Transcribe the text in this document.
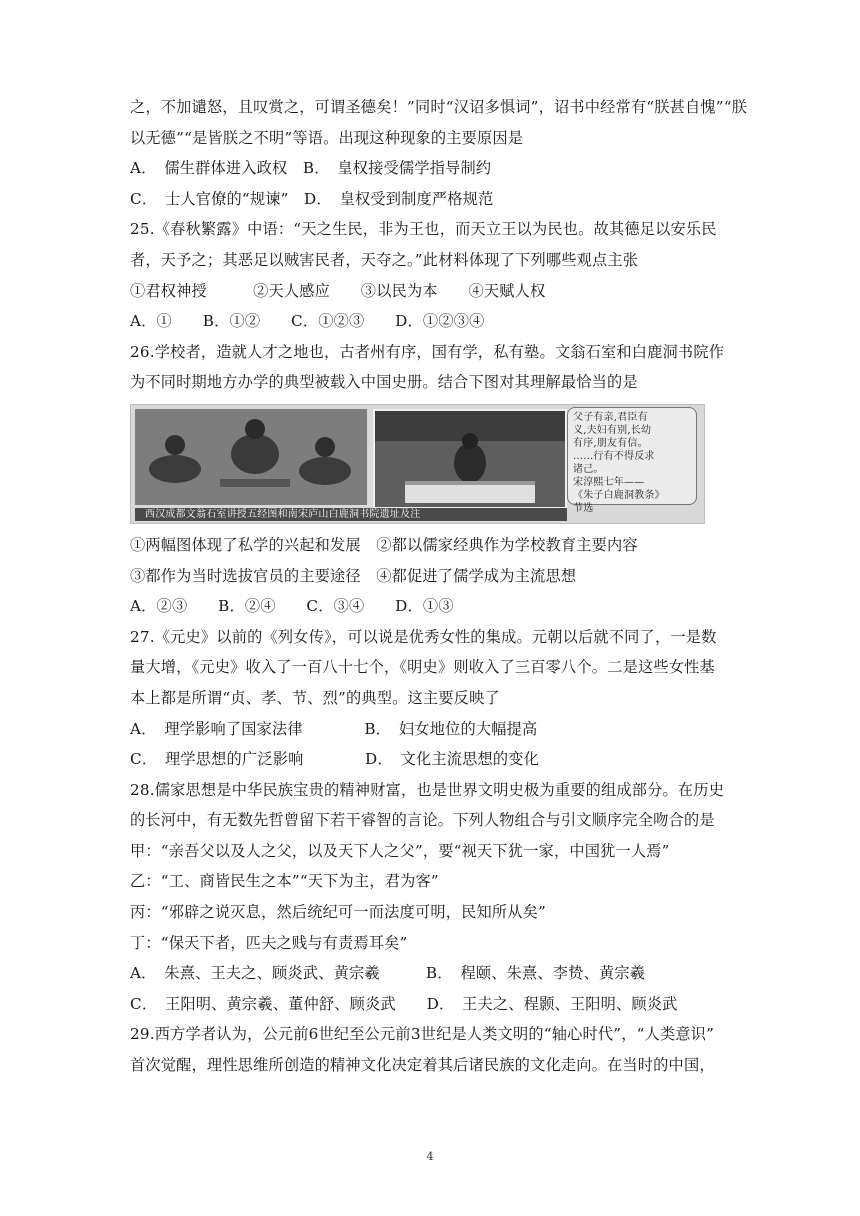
之，不加谴怒，且叹赏之，可谓圣德矣！”同时“汉诏多惧词”，诏书中经常有“朕甚自愧”“朕
以无德”“是皆朕之不明”等语。出现这种现象的主要原因是
A．　儒生群体进入政权　B．　皇权接受儒学指导制约
C．　士人官僚的“规谏”　D．　皇权受到制度严格规范
25.《春秋繁露》中语：“天之生民，非为王也，而天立王以为民也。故其德足以安乐民
者，天予之；其恶足以贼害民者，天夺之。”此材料体现了下列哪些观点主张
①君权神授　　　②天人感应　　③以民为本　　④天赋人权
A．①　　B．①②　　C．①②③　　D．①②③④
26.学校者，造就人才之地也，古者州有序，国有学，私有塾。文翁石室和白鹿洞书院作
为不同时期地方办学的典型被载入中国史册。结合下图对其理解最恰当的是
父子有亲,君臣有
义,夫妇有别,长幼
有序,朋友有信。
……行有不得反求
诸己。
宋淳熙七年——
《朱子白鹿洞教条》
节选
西汉成都文翁石室讲授五经图和南宋庐山白鹿洞书院遗址及注
①两幅图体现了私学的兴起和发展　②都以儒家经典作为学校教育主要内容
③都作为当时选拔官员的主要途径　④都促进了儒学成为主流思想
A．②③　　B．②④　　C．③④　　D．①③
27.《元史》以前的《列女传》，可以说是优秀女性的集成。元朝以后就不同了，一是数
量大增，《元史》收入了一百八十七个，《明史》则收入了三百零八个。二是这些女性基
本上都是所谓“贞、孝、节、烈”的典型。这主要反映了
A．　理学影响了国家法律　　　　B．　妇女地位的大幅提高
C．　理学思想的广泛影响　　　　D．　文化主流思想的变化
28.儒家思想是中华民族宝贵的精神财富，也是世界文明史极为重要的组成部分。在历史
的长河中，有无数先哲曾留下若干睿智的言论。下列人物组合与引文顺序完全吻合的是
甲：“亲吾父以及人之父，以及天下人之父”，要“视天下犹一家，中国犹一人焉”
乙：“工、商皆民生之本”“天下为主，君为客”
丙：“邪辟之说灭息，然后统纪可一而法度可明，民知所从矣”
丁：“保天下者，匹夫之贱与有责焉耳矣”
A．　朱熹、王夫之、顾炎武、黄宗羲　　　B．　程颐、朱熹、李贽、黄宗羲
C．　王阳明、黄宗羲、董仲舒、顾炎武　　D．　王夫之、程颢、王阳明、顾炎武
29.西方学者认为，公元前6世纪至公元前3世纪是人类文明的“轴心时代”，“人类意识”
首次觉醒，理性思维所创造的精神文化决定着其后诸民族的文化走向。在当时的中国，
4
